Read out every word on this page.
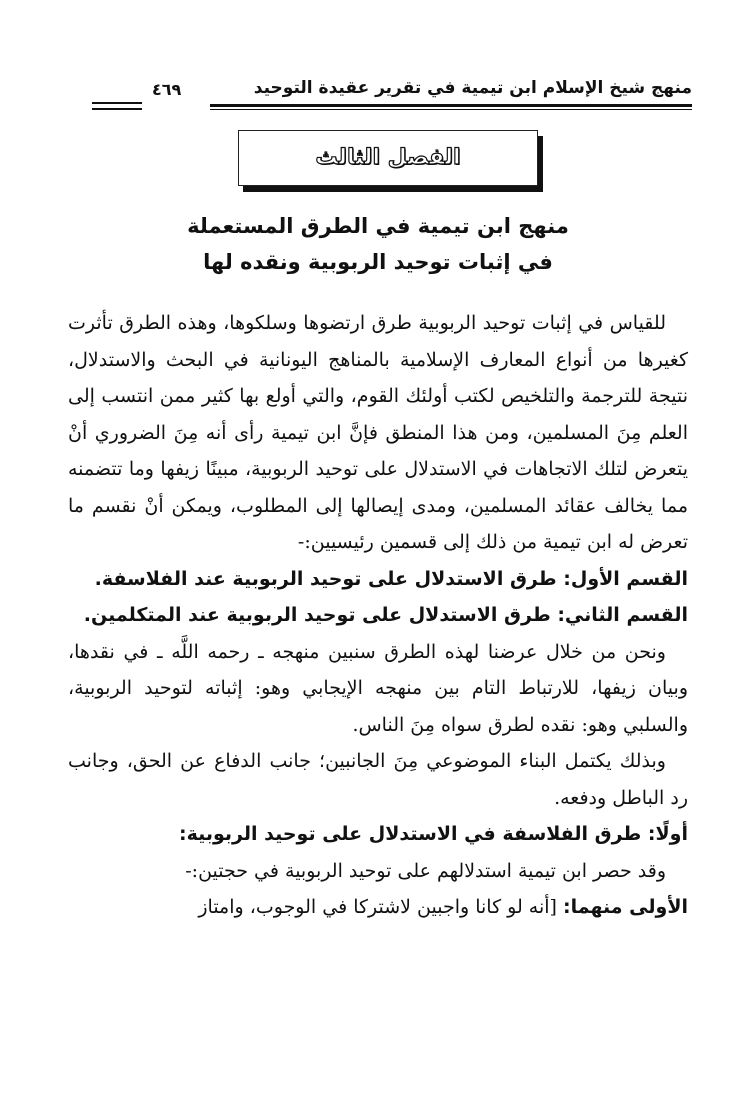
منهج شيخ الإسلام ابن تيمية في تقرير عقيدة التوحيد
٤٦٩
الفصل الثالث
منهج ابن تيمية في الطرق المستعملة
في إثبات توحيد الربوبية ونقده لها

للقياس في إثبات توحيد الربوبية طرق ارتضوها وسلكوها، وهذه الطرق تأثرت كغيرها من أنواع المعارف الإسلامية بالمناهج اليونانية في البحث والاستدلال، نتيجة للترجمة والتلخيص لكتب أولئك القوم، والتي أولع بها كثير ممن انتسب إلى العلم مِنَ المسلمين، ومن هذا المنطق فإنَّ ابن تيمية رأى أنه مِنَ الضروري أنْ يتعرض لتلك الاتجاهات في الاستدلال على توحيد الربوبية، مبينًا زيفها وما تتضمنه مما يخالف عقائد المسلمين، ومدى إيصالها إلى المطلوب، ويمكن أنْ نقسم ما تعرض له ابن تيمية من ذلك إلى قسمين رئيسيين:-

القسم الأول: طرق الاستدلال على توحيد الربوبية عند الفلاسفة.

القسم الثاني: طرق الاستدلال على توحيد الربوبية عند المتكلمين.

ونحن من خلال عرضنا لهذه الطرق سنبين منهجه ـ رحمه اللَّه ـ في نقدها، وبيان زيفها، للارتباط التام بين منهجه الإيجابي وهو: إثباته لتوحيد الربوبية، والسلبي وهو: نقده لطرق سواه مِنَ الناس.

وبذلك يكتمل البناء الموضوعي مِنَ الجانبين؛ جانب الدفاع عن الحق، وجانب رد الباطل ودفعه.

أولًا: طرق الفلاسفة في الاستدلال على توحيد الربوبية:

وقد حصر ابن تيمية استدلالهم على توحيد الربوبية في حجتين:-

الأولى منهما: [أنه لو كانا واجبين لاشتركا في الوجوب، وامتاز
